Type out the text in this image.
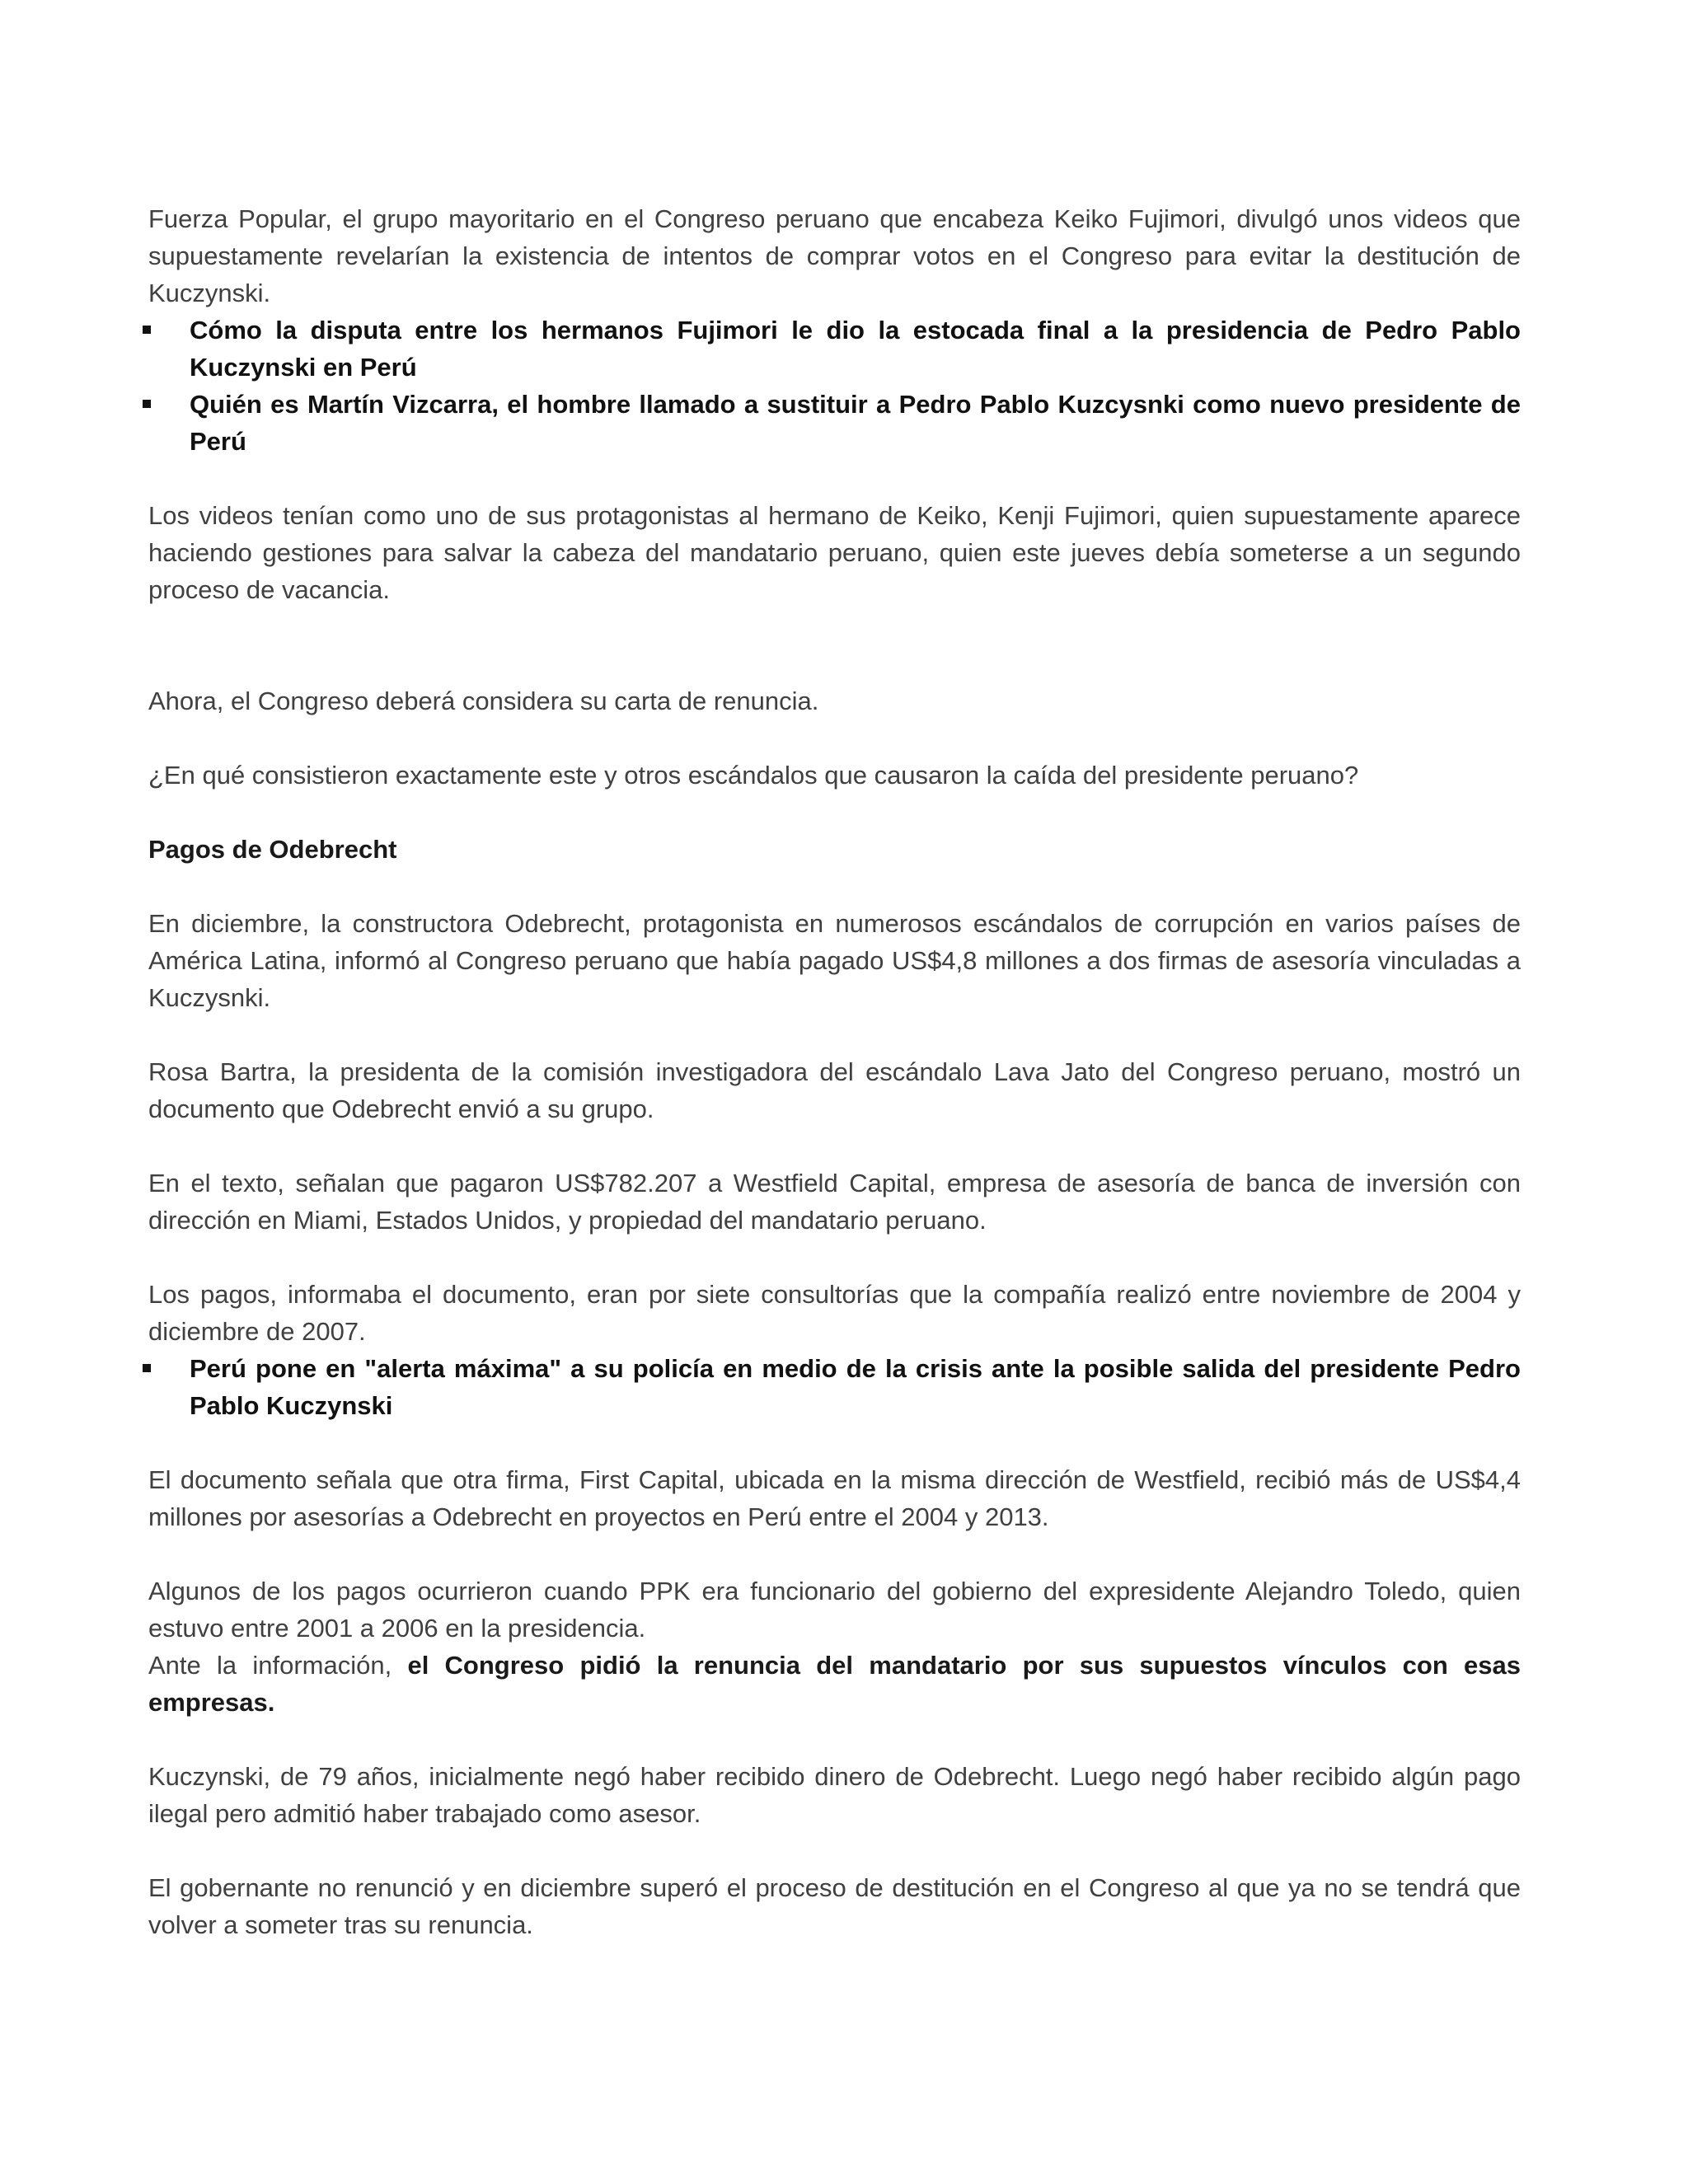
Fuerza Popular, el grupo mayoritario en el Congreso peruano que encabeza Keiko Fujimori, divulgó unos videos que supuestamente revelarían la existencia de intentos de comprar votos en el Congreso para evitar la destitución de Kuczynski.

Cómo la disputa entre los hermanos Fujimori le dio la estocada final a la presidencia de Pedro Pablo Kuczynski en Perú
Quién es Martín Vizcarra, el hombre llamado a sustituir a Pedro Pablo Kuzcysnki como nuevo presidente de Perú

Los videos tenían como uno de sus protagonistas al hermano de Keiko, Kenji Fujimori, quien supuestamente aparece haciendo gestiones para salvar la cabeza del mandatario peruano, quien este jueves debía someterse a un segundo proceso de vacancia.

Ahora, el Congreso deberá considera su carta de renuncia.

¿En qué consistieron exactamente este y otros escándalos que causaron la caída del presidente peruano?

Pagos de Odebrecht

En diciembre, la constructora Odebrecht, protagonista en numerosos escándalos de corrupción en varios países de América Latina, informó al Congreso peruano que había pagado US$4,8 millones a dos firmas de asesoría vinculadas a Kuczysnki.

Rosa Bartra, la presidenta de la comisión investigadora del escándalo Lava Jato del Congreso peruano, mostró un documento que Odebrecht envió a su grupo.

En el texto, señalan que pagaron US$782.207 a Westfield Capital, empresa de asesoría de banca de inversión con dirección en Miami, Estados Unidos, y propiedad del mandatario peruano.

Los pagos, informaba el documento, eran por siete consultorías que la compañía realizó entre noviembre de 2004 y diciembre de 2007.

Perú pone en "alerta máxima" a su policía en medio de la crisis ante la posible salida del presidente Pedro Pablo Kuczynski

El documento señala que otra firma, First Capital, ubicada en la misma dirección de Westfield, recibió más de US$4,4 millones por asesorías a Odebrecht en proyectos en Perú entre el 2004 y 2013.

Algunos de los pagos ocurrieron cuando PPK era funcionario del gobierno del expresidente Alejandro Toledo, quien estuvo entre 2001 a 2006 en la presidencia.

Ante la información, el Congreso pidió la renuncia del mandatario por sus supuestos vínculos con esas empresas.

Kuczynski, de 79 años, inicialmente negó haber recibido dinero de Odebrecht. Luego negó haber recibido algún pago ilegal pero admitió haber trabajado como asesor.

El gobernante no renunció y en diciembre superó el proceso de destitución en el Congreso al que ya no se tendrá que volver a someter tras su renuncia.
